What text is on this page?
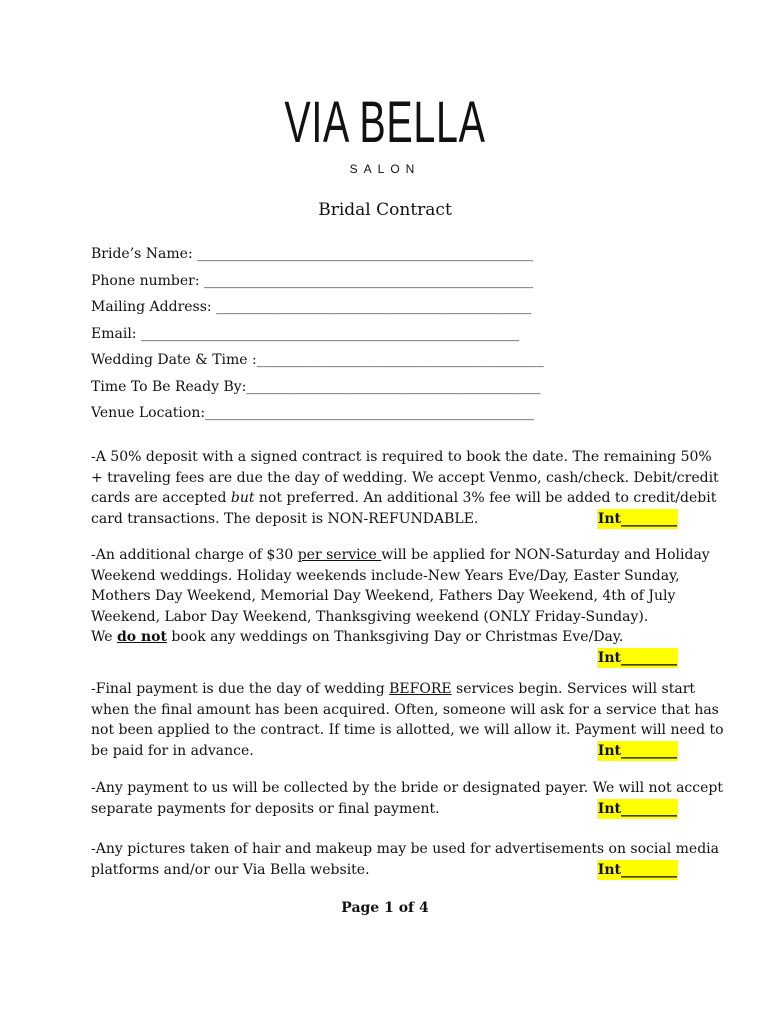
VIA BELLA
SALON
Bridal Contract
Bride’s Name: ________________________________________________
Phone number: _______________________________________________
Mailing Address: _____________________________________________
Email: ______________________________________________________
Wedding Date & Time :_________________________________________
Time To Be Ready By:__________________________________________
Venue Location:_______________________________________________
-A 50% deposit with a signed contract is required to book the date. The remaining 50%
+ traveling fees are due the day of wedding. We accept Venmo, cash/check. Debit/credit
cards are accepted but not preferred. An additional 3% fee will be added to credit/debit
card transactions. The deposit is NON-REFUNDABLE.	Int________
-An additional charge of $30 per service will be applied for NON-Saturday and Holiday
Weekend weddings. Holiday weekends include-New Years Eve/Day, Easter Sunday,
Mothers Day Weekend, Memorial Day Weekend, Fathers Day Weekend, 4th of July
Weekend, Labor Day Weekend, Thanksgiving weekend (ONLY Friday-Sunday).
We do not book any weddings on Thanksgiving Day or Christmas Eve/Day.
Int________
-Final payment is due the day of wedding BEFORE services begin. Services will start
when the final amount has been acquired. Often, someone will ask for a service that has
not been applied to the contract. If time is allotted, we will allow it. Payment will need to
be paid for in advance.	Int________
-Any payment to us will be collected by the bride or designated payer. We will not accept
separate payments for deposits or final payment.	Int________
-Any pictures taken of hair and makeup may be used for advertisements on social media
platforms and/or our Via Bella website.	Int________
Page 1 of 4
